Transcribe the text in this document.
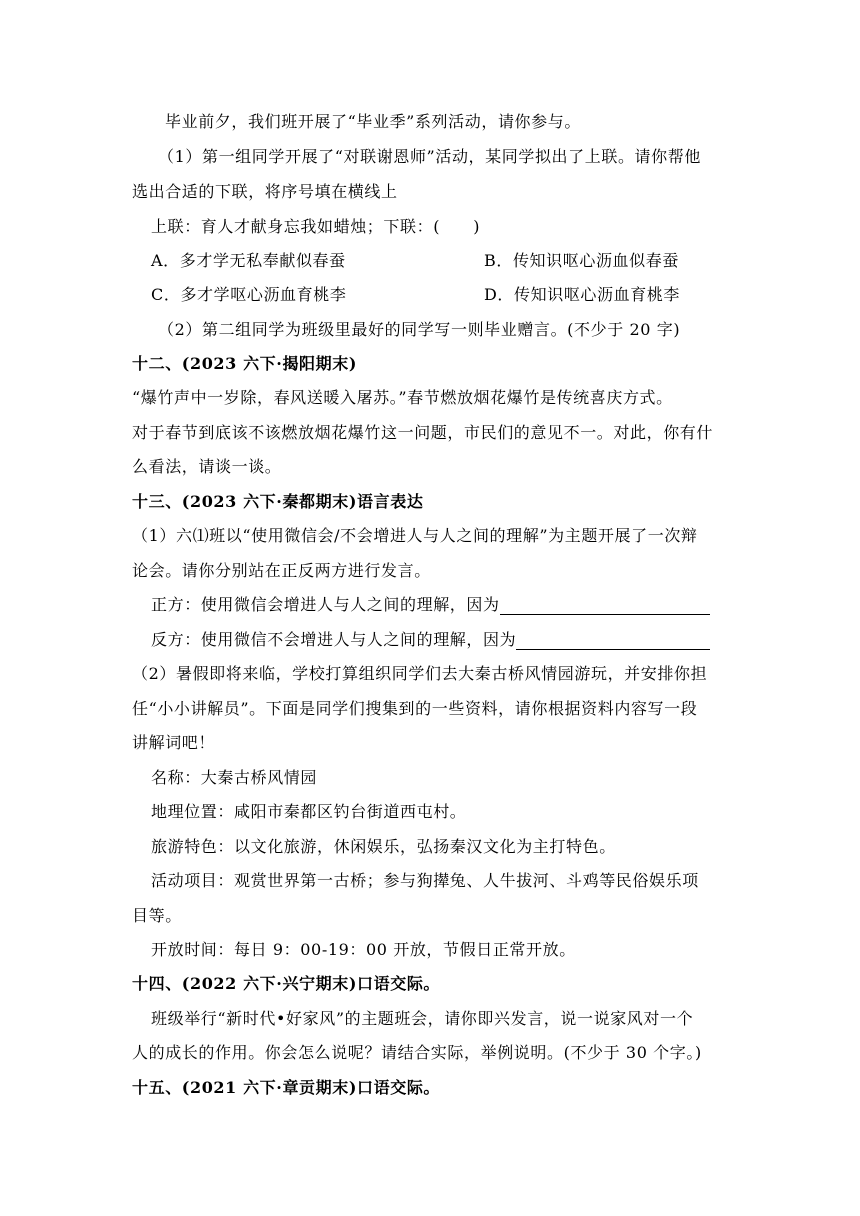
毕业前夕，我们班开展了“毕业季”系列活动，请你参与。
（1）第一组同学开展了“对联谢恩师”活动，某同学拟出了上联。请你帮他
选出合适的下联，将序号填在横线上
上联：育人才献身忘我如蜡烛；下联：(　　)
A．多才学无私奉献似春蚕	B．传知识呕心沥血似春蚕
C．多才学呕心沥血育桃李	D．传知识呕心沥血育桃李
（2）第二组同学为班级里最好的同学写一则毕业赠言。(不少于 20 字)
十二、(2023 六下·揭阳期末)
“爆竹声中一岁除，春风送暖入屠苏。”春节燃放烟花爆竹是传统喜庆方式。
对于春节到底该不该燃放烟花爆竹这一问题，市民们的意见不一。对此，你有什
么看法，请谈一谈。
十三、(2023 六下·秦都期末)语言表达
（1）六⑴班以“使用微信会/不会增进人与人之间的理解”为主题开展了一次辩
论会。请你分别站在正反两方进行发言。
正方：使用微信会增进人与人之间的理解，因为
反方：使用微信不会增进人与人之间的理解，因为
（2）暑假即将来临，学校打算组织同学们去大秦古桥风情园游玩，并安排你担
任“小小讲解员”。下面是同学们搜集到的一些资料，请你根据资料内容写一段
讲解词吧！
名称：大秦古桥风情园
地理位置：咸阳市秦都区钓台街道西屯村。
旅游特色：以文化旅游，休闲娱乐，弘扬秦汉文化为主打特色。
活动项目：观赏世界第一古桥；参与狗撵兔、人牛拔河、斗鸡等民俗娱乐项
目等。
开放时间：每日 9：00-19：00 开放，节假日正常开放。
十四、(2022 六下·兴宁期末)口语交际。
班级举行“新时代•好家风”的主题班会，请你即兴发言，说一说家风对一个
人的成长的作用。你会怎么说呢？请结合实际，举例说明。(不少于 30 个字。)
十五、(2021 六下·章贡期末)口语交际。
